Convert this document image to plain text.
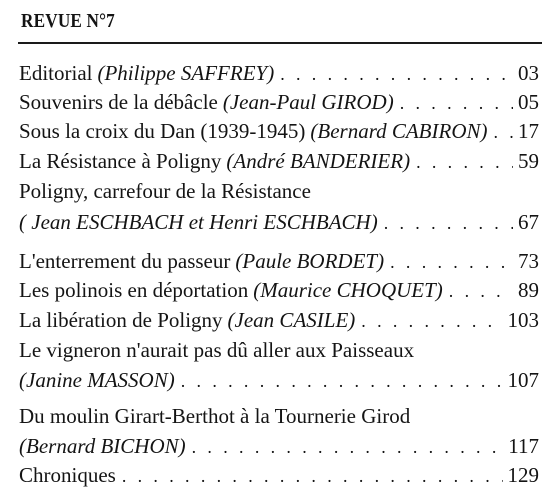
REVUE N°7
Editorial (Philippe SAFFREY) . . .	03
Souvenirs de la débâcle (Jean-Paul GIROD) . . .	05
Sous la croix du Dan (1939-1945) (Bernard CABIRON) . . . 17
La Résistance à Poligny (André BANDERIER) . . .	59
Poligny, carrefour de la Résistance
( Jean ESCHBACH et Henri ESCHBACH) . . .	67
L'enterrement du passeur (Paule BORDET) . . .	73
Les polinois en déportation (Maurice CHOQUET) . . .	89
La libération de Poligny (Jean CASILE) . . .	103
Le vigneron n'aurait pas dû aller aux Paisseaux
(Janine MASSON) . . .	107
Du moulin Girart-Berthot à la Tournerie Girod
(Bernard BICHON) . . .	117
Chroniques . . .	129
